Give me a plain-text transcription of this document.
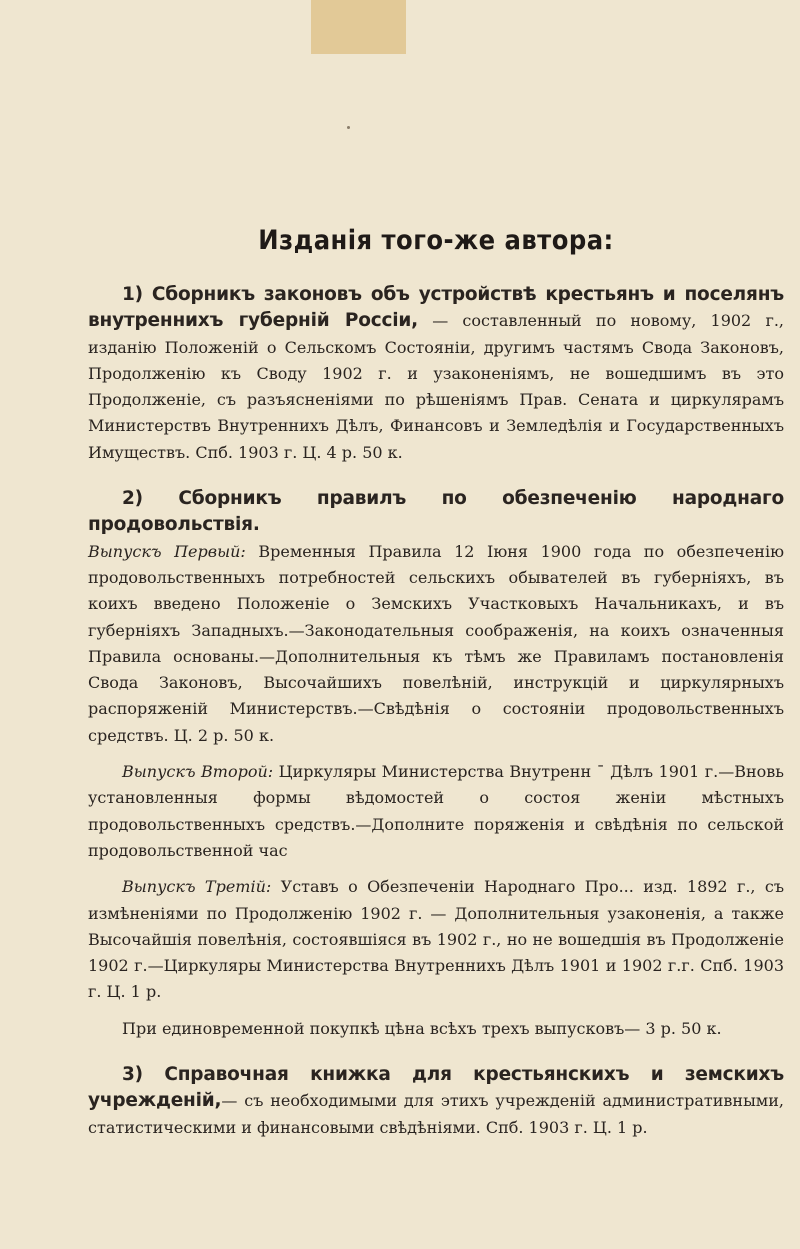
Изданія того-же автора:

1) Сборникъ законовъ объ устройствѣ крестьянъ и поселянъ внутреннихъ губерній Россіи, — составленный по новому, 1902 г., изданію Положеній о Сельскомъ Состояніи, другимъ частямъ Свода Законовъ, Продолженію къ Своду 1902 г. и узаконеніямъ, не вошедшимъ въ это Продолженіе, съ разъясненіями по рѣшеніямъ Прав. Сената и циркулярамъ Министерствъ Внутреннихъ Дѣлъ, Финансовъ и Земледѣлія и Государственныхъ Имуществъ. Спб. 1903 г. Ц. 4 р. 50 к.

2) Сборникъ правилъ по обезпеченію народнаго продовольствія.

Выпускъ Первый: Временныя Правила 12 Іюня 1900 года по обезпеченію продовольственныхъ потребностей сельскихъ обывателей въ губерніяхъ, въ коихъ введено Положеніе о Земскихъ Участковыхъ Начальникахъ, и въ губерніяхъ Западныхъ.—Законодательныя соображенія, на коихъ означенныя Правила основаны.—Дополнительныя къ тѣмъ же Правиламъ постановленія Свода Законовъ, Высочайшихъ повелѣній, инструкцій и циркулярныхъ распоряженій Министерствъ.—Свѣдѣнія о состояніи продовольственныхъ средствъ. Ц. 2 р. 50 к.

Выпускъ Второй: Циркуляры Министерства Внутренн ˉ Дѣлъ 1901 г.—Вновь установленныя формы вѣдомостей о состоя женіи мѣстныхъ продовольственныхъ средствъ.—Дополните поряженія и свѣдѣнія по сельской продовольственной час

Выпускъ Третій: Уставъ о Обезпеченіи Народнаго Про... изд. 1892 г., съ измѣненіями по Продолженію 1902 г. — Дополнительныя узаконенія, а также Высочайшія повелѣнія, состоявшіяся въ 1902 г., но не вошедшія въ Продолженіе 1902 г.—Циркуляры Министерства Внутреннихъ Дѣлъ 1901 и 1902 г.г. Спб. 1903 г. Ц. 1 р.

При единовременной покупкѣ цѣна всѣхъ трехъ выпусковъ— 3 р. 50 к.

3) Справочная книжка для крестьянскихъ и земскихъ учрежденій,— съ необходимыми для этихъ учрежденій административными, статистическими и финансовыми свѣдѣніями. Спб. 1903 г. Ц. 1 р.
